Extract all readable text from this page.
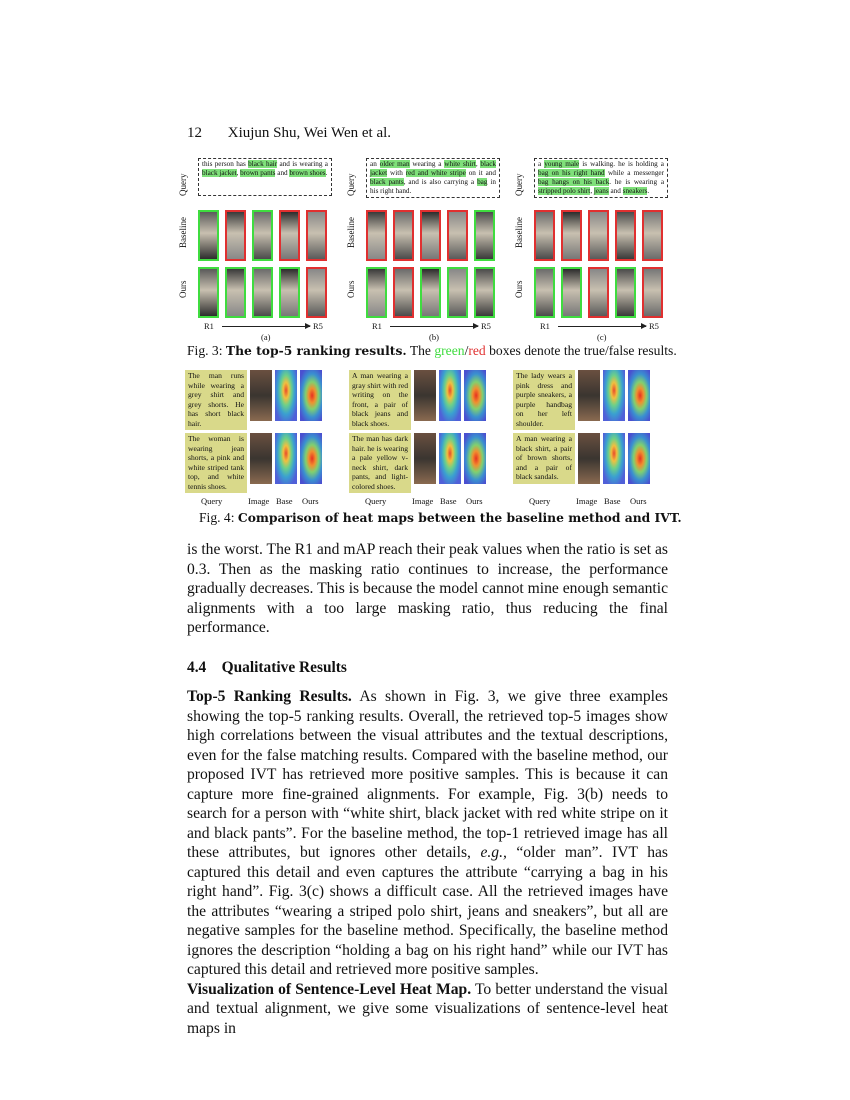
12 Xiujun Shu, Wei Wen et al.
Query
Baseline
Ours
this person has black hair and is wearing a black jacket, brown pants and brown shoes.
R1	R5
(a)
Query
Baseline
Ours
an older man wearing a white shirt, black jacket with red and white stripe on it and black pants, and is also carrying a bag in his right hand.
R1	R5
(b)
Query
Baseline
Ours
a young male is walking. he is holding a bag on his right hand while a messenger bag hangs on his back. he is wearing a stripped polo shirt, jeans and sneakers.
R1	R5
(c)
Fig. 3: The top-5 ranking results. The green/red boxes denote the true/false results.
The man runs while wearing a grey shirt and grey shorts. He has short black hair.
The woman is wearing jean shorts, a pink and white striped tank top, and white tennis shoes.
Query	Image Base Ours
A man wearing a gray shirt with red writing on the front, a pair of black jeans and black shoes.
The man has dark hair. he is wearing a pale yellow v-neck shirt, dark pants, and light-colored shoes.
Query	Image Base Ours
The lady wears a pink dress and purple sneakers, a purple handbag on her left shoulder.
A man wearing a black shirt, a pair of brown shorts, and a pair of black sandals.
Query	Image Base Ours
Fig. 4: Comparison of heat maps between the baseline method and IVT.
is the worst. The R1 and mAP reach their peak values when the ratio is set as 0.3. Then as the masking ratio continues to increase, the performance gradually decreases. This is because the model cannot mine enough semantic alignments with a too large masking ratio, thus reducing the final performance.
4.4 Qualitative Results
Top-5 Ranking Results. As shown in Fig. 3, we give three examples showing the top-5 ranking results. Overall, the retrieved top-5 images show high correlations between the visual attributes and the textual descriptions, even for the false matching results. Compared with the baseline method, our proposed IVT has retrieved more positive samples. This is because it can capture more fine-grained alignments. For example, Fig. 3(b) needs to search for a person with “white shirt, black jacket with red white stripe on it and black pants”. For the baseline method, the top-1 retrieved image has all these attributes, but ignores other details, e.g., “older man”. IVT has captured this detail and even captures the attribute “carrying a bag in his right hand”. Fig. 3(c) shows a difficult case. All the retrieved images have the attributes “wearing a striped polo shirt, jeans and sneakers”, but all are negative samples for the baseline method. Specifically, the baseline method ignores the description “holding a bag on his right hand” while our IVT has captured this detail and retrieved more positive samples.
Visualization of Sentence-Level Heat Map. To better understand the visual and textual alignment, we give some visualizations of sentence-level heat maps in
